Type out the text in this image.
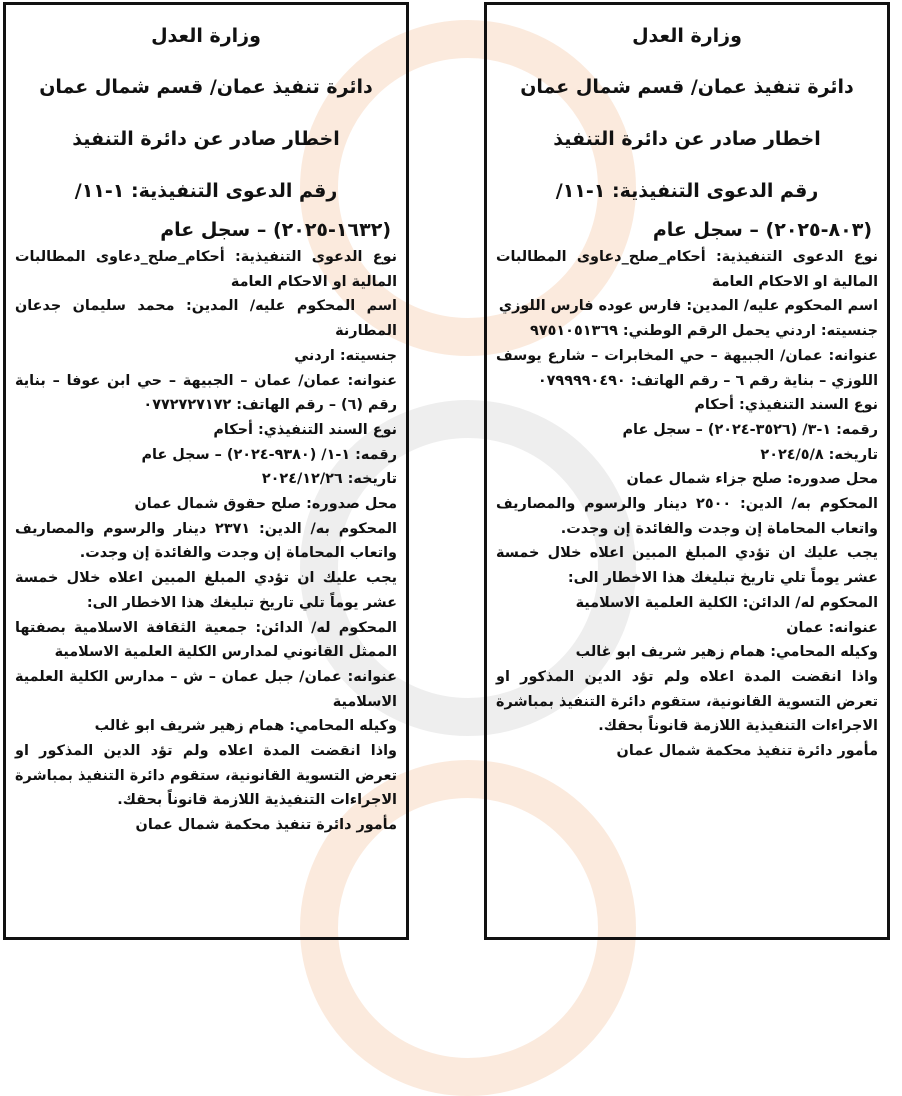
وزارة العدل

دائرة تنفيذ عمان/ قسم شمال عمان

اخطار صادر عن دائرة التنفيذ

رقم الدعوى التنفيذية: ١-١١/

(٨٠٣-٢٠٢٥) – سجل عام

نوع الدعوى التنفيذية: أحكام_صلح_دعاوى المطالبات المالية او الاحكام العامة

اسم المحكوم عليه/ المدين: فارس عوده فارس اللوزي

جنسيته: اردني يحمل الرقم الوطني: ٩٧٥١٠٥١٣٦٩

عنوانه: عمان/ الجبيهة – حي المخابرات – شارع يوسف اللوزي – بناية رقم ٦ – رقم الهاتف: ٠٧٩٩٩٩٠٤٩٠

نوع السند التنفيذي: أحكام

رقمه: ١-٣/ (٣٥٢٦-٢٠٢٤) – سجل عام

تاريخه: ٢٠٢٤/٥/٨

محل صدوره: صلح جزاء شمال عمان

المحكوم به/ الدين: ٢٥٠٠ دينار والرسوم والمصاريف واتعاب المحاماة إن وجدت والفائدة إن وجدت.

يجب عليك ان تؤدي المبلغ المبين اعلاه خلال خمسة عشر يوماً تلي تاريخ تبليغك هذا الاخطار الى:

المحكوم له/ الدائن: الكلية العلمية الاسلامية

عنوانه: عمان

وكيله المحامي: همام زهير شريف ابو غالب

واذا انقضت المدة اعلاه ولم تؤد الدين المذكور او تعرض التسوية القانونية، ستقوم دائرة التنفيذ بمباشرة الاجراءات التنفيذية اللازمة قانوناً بحقك.

مأمور دائرة تنفيذ محكمة شمال عمان

وزارة العدل

دائرة تنفيذ عمان/ قسم شمال عمان

اخطار صادر عن دائرة التنفيذ

رقم الدعوى التنفيذية: ١-١١/

(١٦٣٢-٢٠٢٥) – سجل عام

نوع الدعوى التنفيذية: أحكام_صلح_دعاوى المطالبات المالية او الاحكام العامة

اسم المحكوم عليه/ المدين: محمد سليمان جدعان المطارنة

جنسيته: اردني

عنوانه: عمان/ عمان – الجبيهة – حي ابن عوفا – بناية رقم (٦) – رقم الهاتف: ٠٧٧٢٧٢٧١٧٢

نوع السند التنفيذي: أحكام

رقمه: ١-١/ (٩٣٨٠-٢٠٢٤) – سجل عام

تاريخه: ٢٠٢٤/١٢/٢٦

محل صدوره: صلح حقوق شمال عمان

المحكوم به/ الدين: ٢٣٧١ دينار والرسوم والمصاريف واتعاب المحاماة إن وجدت والفائدة إن وجدت.

يجب عليك ان تؤدي المبلغ المبين اعلاه خلال خمسة عشر يوماً تلي تاريخ تبليغك هذا الاخطار الى:

المحكوم له/ الدائن: جمعية الثقافة الاسلامية بصفتها الممثل القانوني لمدارس الكلية العلمية الاسلامية

عنوانه: عمان/ جبل عمان – ش – مدارس الكلية العلمية الاسلامية

وكيله المحامي: همام زهير شريف ابو غالب

واذا انقضت المدة اعلاه ولم تؤد الدين المذكور او تعرض التسوية القانونية، ستقوم دائرة التنفيذ بمباشرة الاجراءات التنفيذية اللازمة قانوناً بحقك.

مأمور دائرة تنفيذ محكمة شمال عمان
